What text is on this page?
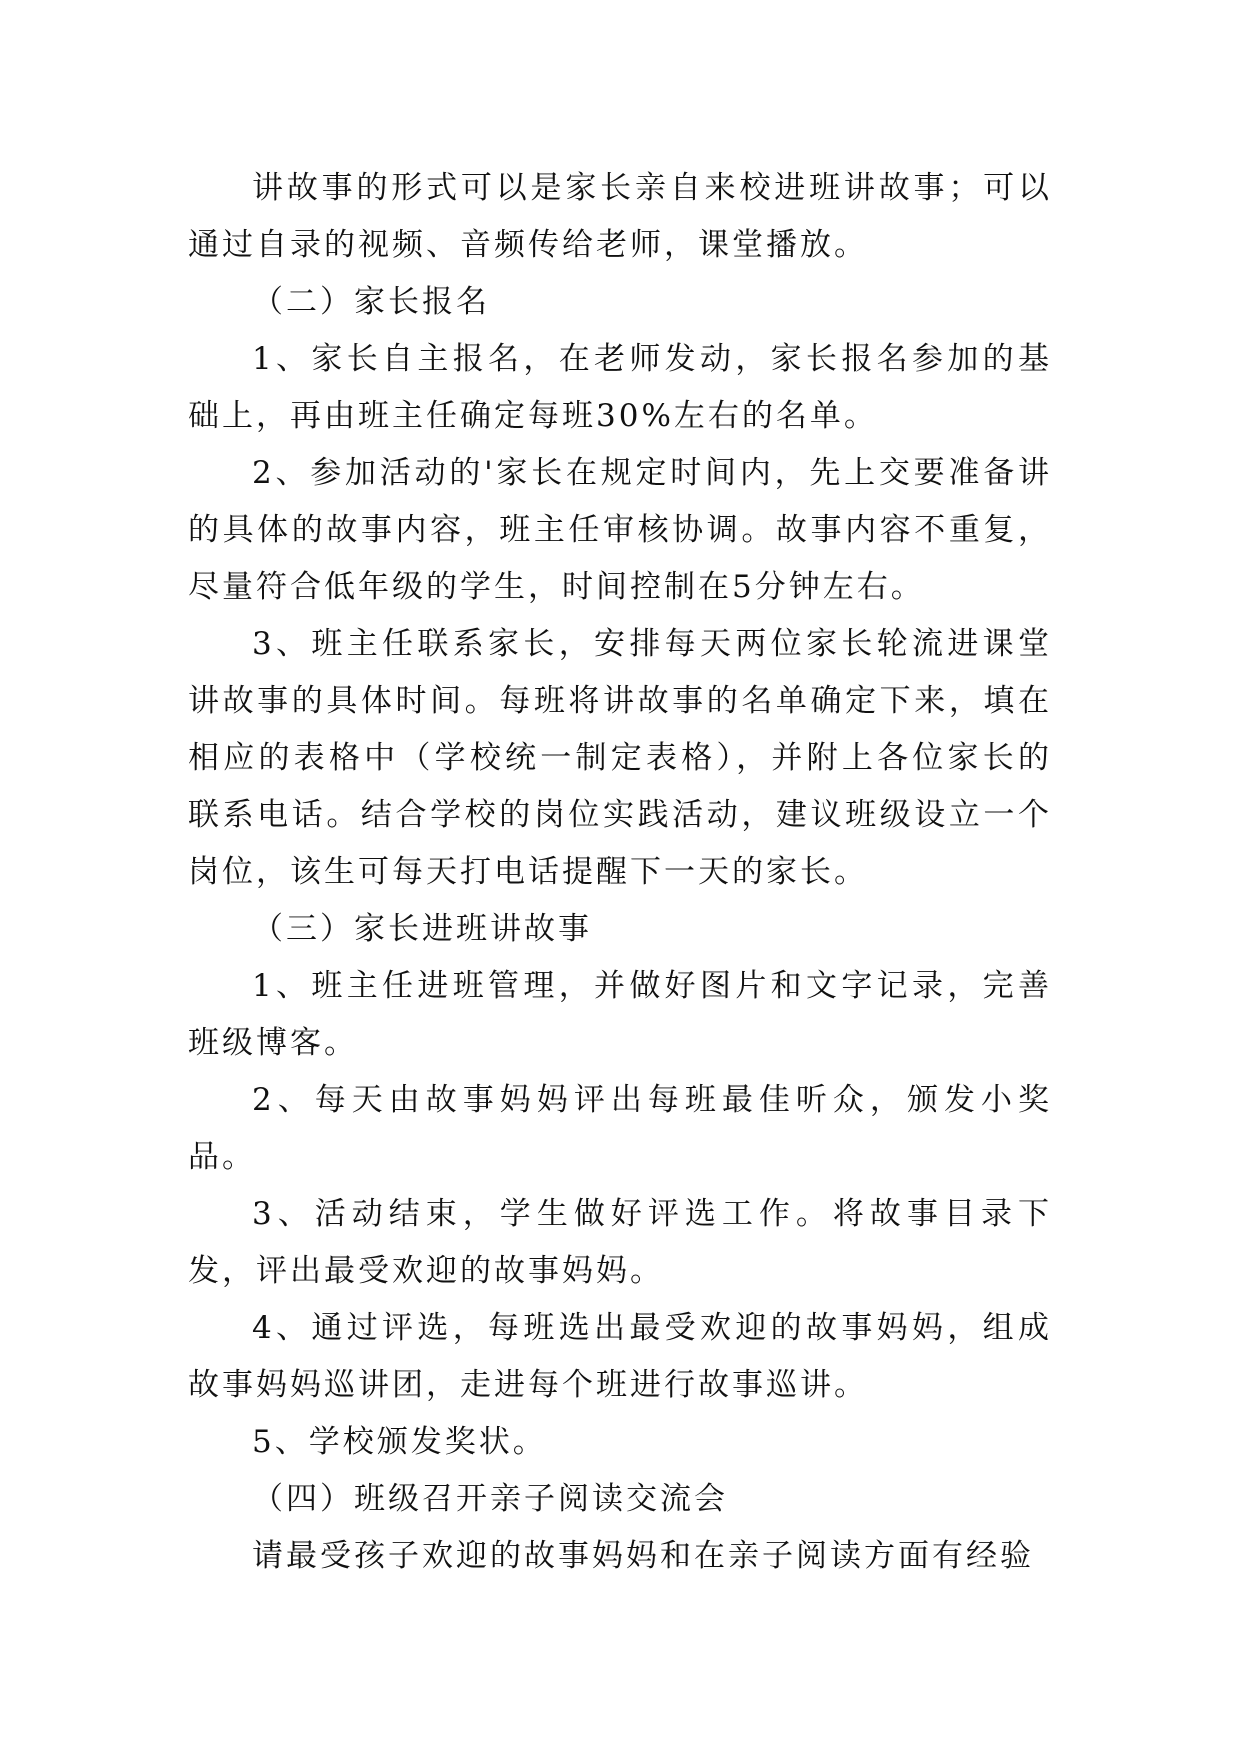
讲故事的形式可以是家长亲自来校进班讲故事；可以通过自录的视频、音频传给老师，课堂播放。

（二）家长报名

1、家长自主报名，在老师发动，家长报名参加的基础上，再由班主任确定每班30%左右的名单。

2、参加活动的'家长在规定时间内，先上交要准备讲的具体的故事内容，班主任审核协调。故事内容不重复，尽量符合低年级的学生，时间控制在5分钟左右。

3、班主任联系家长，安排每天两位家长轮流进课堂讲故事的具体时间。每班将讲故事的名单确定下来，填在相应的表格中（学校统一制定表格），并附上各位家长的联系电话。结合学校的岗位实践活动，建议班级设立一个岗位，该生可每天打电话提醒下一天的家长。

（三）家长进班讲故事

1、班主任进班管理，并做好图片和文字记录，完善班级博客。

2、每天由故事妈妈评出每班最佳听众，颁发小奖品。

3、活动结束，学生做好评选工作。将故事目录下发，评出最受欢迎的故事妈妈。

4、通过评选，每班选出最受欢迎的故事妈妈，组成故事妈妈巡讲团，走进每个班进行故事巡讲。

5、学校颁发奖状。

（四）班级召开亲子阅读交流会

请最受孩子欢迎的故事妈妈和在亲子阅读方面有经验
